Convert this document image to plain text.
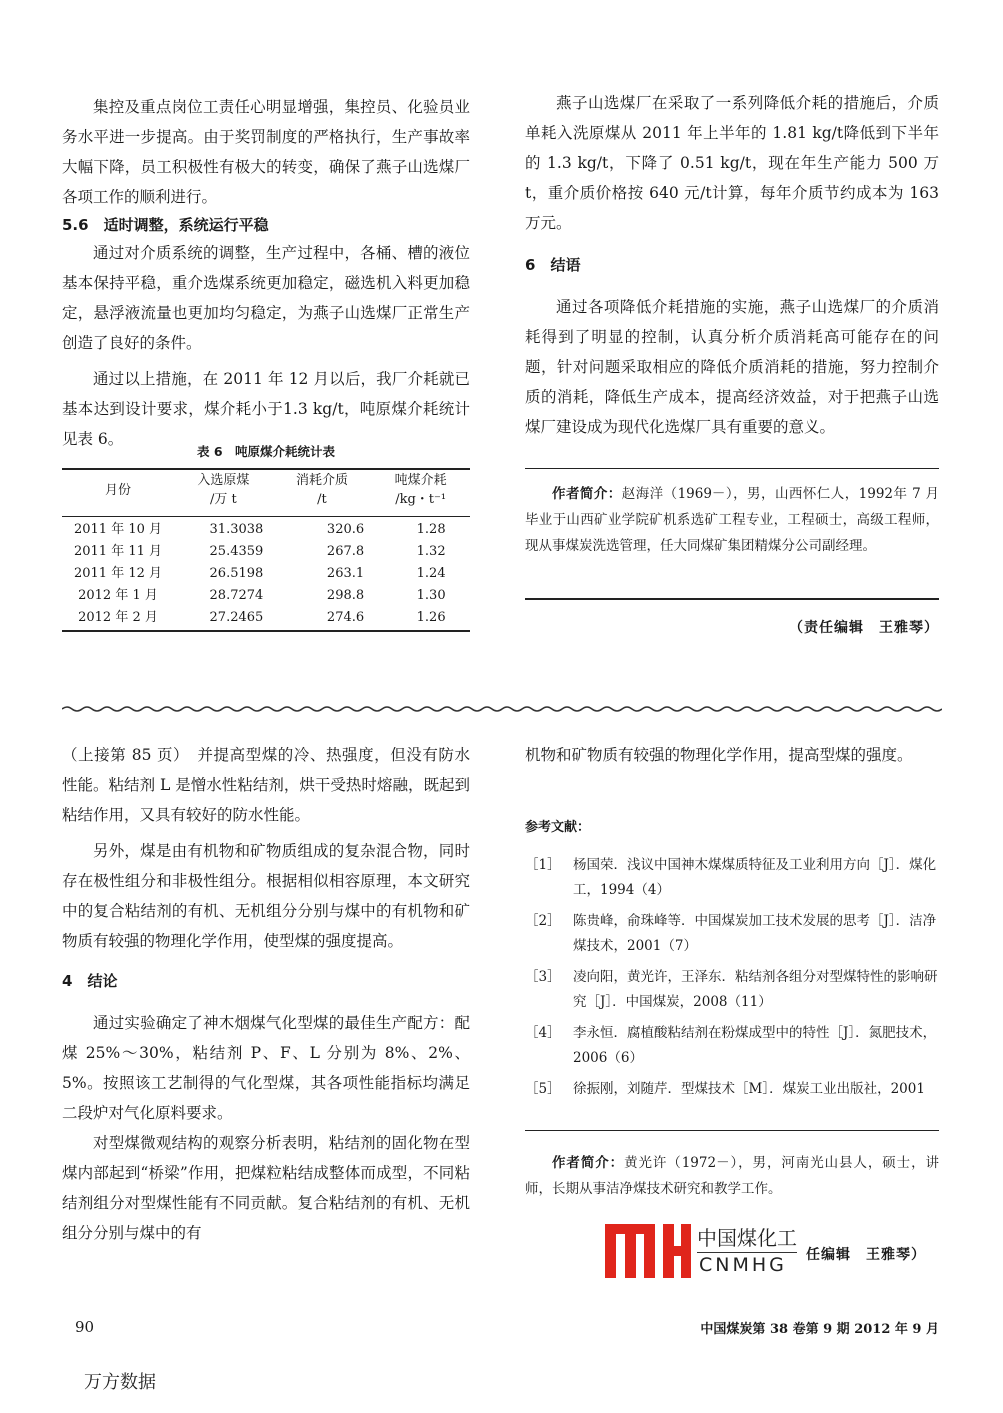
集控及重点岗位工责任心明显增强，集控员、化验员业务水平进一步提高。由于奖罚制度的严格执行，生产事故率大幅下降，员工积极性有极大的转变，确保了燕子山选煤厂各项工作的顺利进行。

5.6　 适时调整，系统运行平稳

通过对介质系统的调整，生产过程中，各桶、槽的液位基本保持平稳，重介选煤系统更加稳定，磁选机入料更加稳定，悬浮液流量也更加均匀稳定，为燕子山选煤厂正常生产创造了良好的条件。

通过以上措施，在 2011 年 12 月以后，我厂介耗就已基本达到设计要求，煤介耗小于1.3 kg/t，吨原煤介耗统计见表 6。

表 6　吨原煤介耗统计表
月份	入选原煤	消耗介质	吨煤介耗
	/万 t	/t	/kg・t⁻¹
2011 年 10 月	31.3038	320.6	1.28
2011 年 11 月	25.4359	267.8	1.32
2011 年 12 月	26.5198	263.1	1.24
2012 年 1 月	28.7274	298.8	1.30
2012 年 2 月	27.2465	274.6	1.26

燕子山选煤厂在采取了一系列降低介耗的措施后，介质单耗入洗原煤从 2011 年上半年的 1.81 kg/t降低到下半年的 1.3 kg/t，下降了 0.51 kg/t，现在年生产能力 500 万 t，重介质价格按 640 元/t计算，每年介质节约成本为 163 万元。

6　 结语

通过各项降低介耗措施的实施，燕子山选煤厂的介质消耗得到了明显的控制，认真分析介质消耗高可能存在的问题，针对问题采取相应的降低介质消耗的措施，努力控制介质的消耗，降低生产成本，提高经济效益，对于把燕子山选煤厂建设成为现代化选煤厂具有重要的意义。

作者简介：赵海洋（1969－），男，山西怀仁人，1992年 7 月毕业于山西矿业学院矿机系选矿工程专业，工程硕士，高级工程师，现从事煤炭洗选管理，任大同煤矿集团精煤分公司副经理。
（责任编辑　王雅琴）

（上接第 85 页）　 并提高型煤的冷、热强度，但没有防水性能。粘结剂 L 是憎水性粘结剂，烘干受热时熔融，既起到粘结作用，又具有较好的防水性能。

另外，煤是由有机物和矿物质组成的复杂混合物，同时存在极性组分和非极性组分。根据相似相容原理，本文研究中的复合粘结剂的有机、无机组分分别与煤中的有机物和矿物质有较强的物理化学作用，使型煤的强度提高。

4　 结论

通过实验确定了神木烟煤气化型煤的最佳生产配方：配煤 25%～30%，粘结剂 P、F、L 分别为 8%、2%、5%。按照该工艺制得的气化型煤，其各项性能指标均满足二段炉对气化原料要求。

对型煤微观结构的观察分析表明，粘结剂的固化物在型煤内部起到“桥梁”作用，把煤粒粘结成整体而成型，不同粘结剂组分对型煤性能有不同贡献。复合粘结剂的有机、无机组分分别与煤中的有

机物和矿物质有较强的物理化学作用，提高型煤的强度。

参考文献：
［1］ 杨国荣．浅议中国神木煤煤质特征及工业利用方向［J］．煤化工，1994（4）
［2］ 陈贵峰，俞珠峰等．中国煤炭加工技术发展的思考［J］．洁净煤技术，2001（7）
［3］ 凌向阳，黄光许，王泽东．粘结剂各组分对型煤特性的影响研究［J］．中国煤炭，2008（11）
［4］ 李永恒．腐植酸粘结剂在粉煤成型中的特性［J］．氮肥技术，2006（6）
［5］ 徐振刚，刘随芹．型煤技术［M］．煤炭工业出版社，2001
作者简介：黄光许（1972－），男，河南光山县人，硕士，讲师，长期从事洁净煤技术研究和教学工作。
中国煤化工
CNMHG 任编辑　王雅琴）
90	中国煤炭第 38 卷第 9 期 2012 年 9 月
万方数据
